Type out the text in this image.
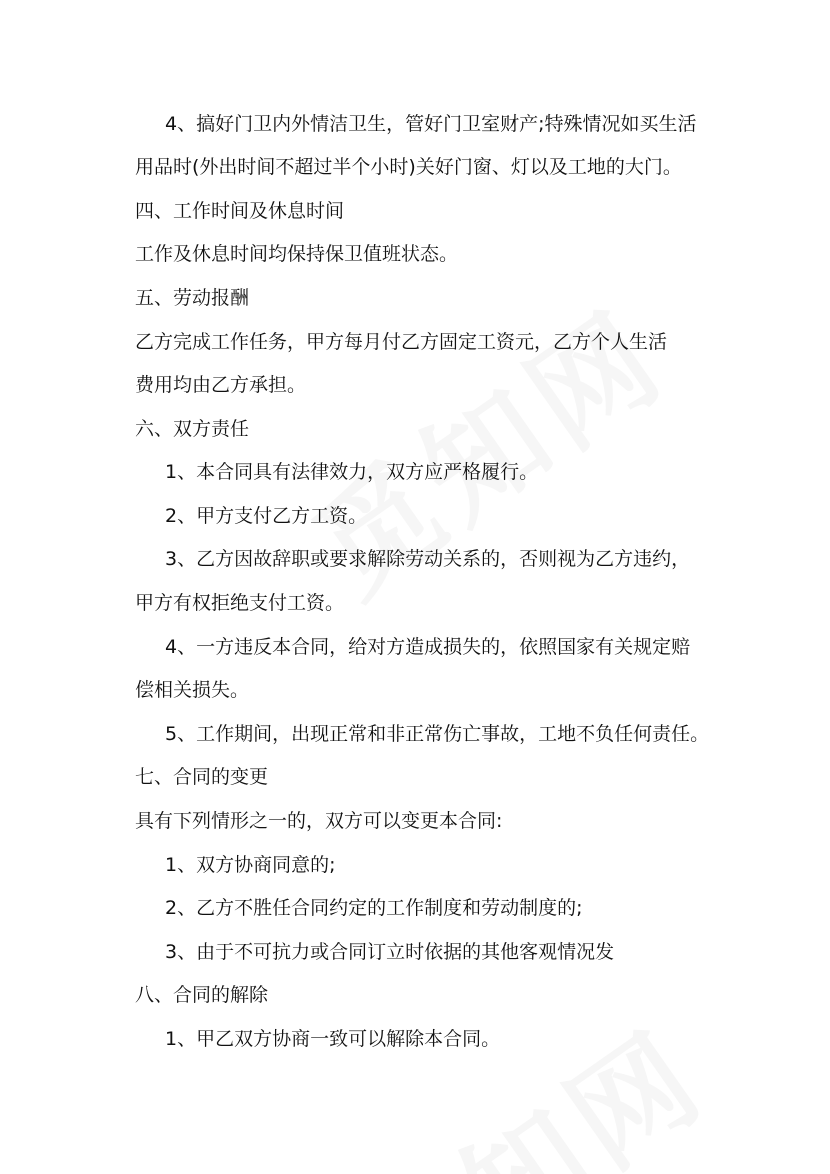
4、搞好门卫内外情洁卫生，管好门卫室财产;特殊情况如买生活
用品时(外出时间不超过半个小时)关好门窗、灯以及工地的大门。
四、工作时间及休息时间
工作及休息时间均保持保卫值班状态。
五、劳动报酬
乙方完成工作任务，甲方每月付乙方固定工资元，乙方个人生活
费用均由乙方承担。
六、双方责任
1、本合同具有法律效力，双方应严格履行。
2、甲方支付乙方工资。
3、乙方因故辞职或要求解除劳动关系的，否则视为乙方违约，
甲方有权拒绝支付工资。
4、一方违反本合同，给对方造成损失的，依照国家有关规定赔
偿相关损失。
5、工作期间，出现正常和非正常伤亡事故，工地不负任何责任。
七、合同的变更
具有下列情形之一的，双方可以变更本合同:
1、双方协商同意的;
2、乙方不胜任合同约定的工作制度和劳动制度的;
3、由于不可抗力或合同订立时依据的其他客观情况发
八、合同的解除
1、甲乙双方协商一致可以解除本合同。
